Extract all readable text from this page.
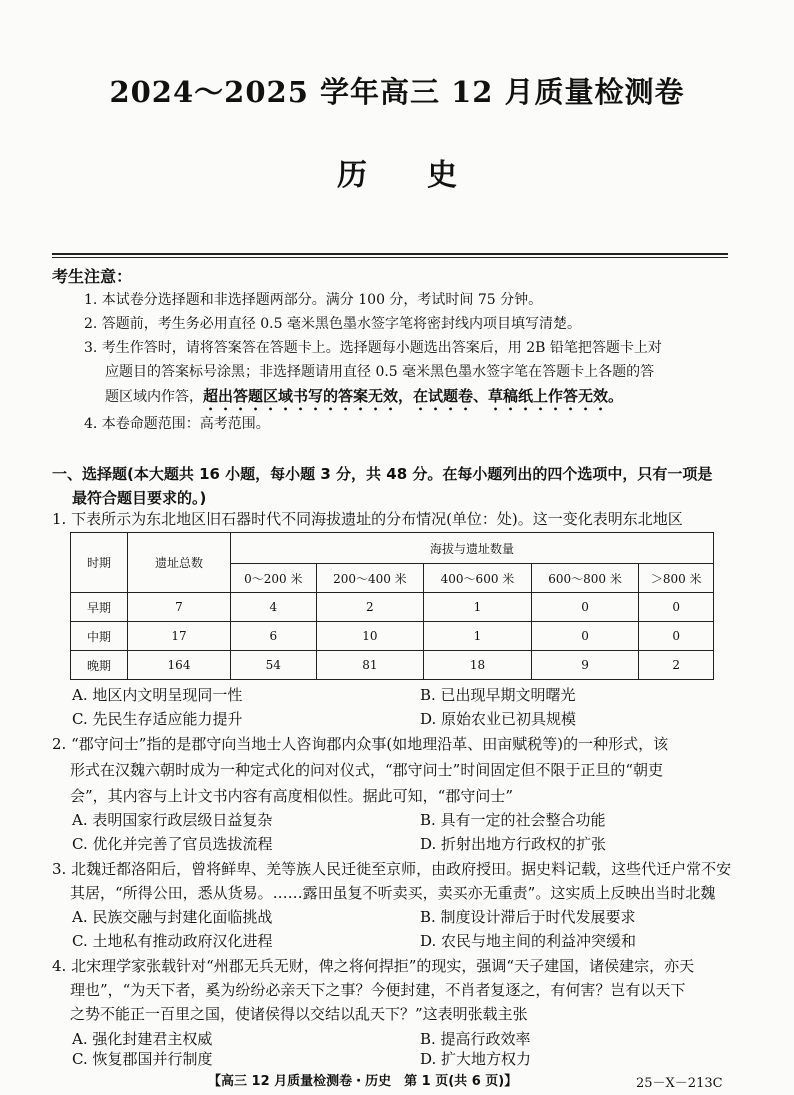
2024～2025 学年高三 12 月质量检测卷
历史
考生注意：
1. 本试卷分选择题和非选择题两部分。满分 100 分，考试时间 75 分钟。
2. 答题前，考生务必用直径 0.5 毫米黑色墨水签字笔将密封线内项目填写清楚。
3. 考生作答时，请将答案答在答题卡上。选择题每小题选出答案后，用 2B 铅笔把答题卡上对
应题目的答案标号涂黑；非选择题请用直径 0.5 毫米黑色墨水签字笔在答题卡上各题的答
题区域内作答，超出答题区域书写的答案无效，在试题卷、草稿纸上作答无效。
4. 本卷命题范围：高考范围。
一、选择题(本大题共 16 小题，每小题 3 分，共 48 分。在每小题列出的四个选项中，只有一项是
最符合题目要求的。)
1. 下表所示为东北地区旧石器时代不同海拔遗址的分布情况(单位：处)。这一变化表明东北地区
时期	遗址总数	海拔与遗址数量				
		0～200 米	200～400 米	400～600 米	600～800 米	＞800 米
早期	7	4	2	1	0	0
中期	17	6	10	1	0	0
晚期	164	54	81	18	9	2
A. 地区内文明呈现同一性	B. 已出现早期文明曙光
C. 先民生存适应能力提升	D. 原始农业已初具规模
2. “郡守问士”指的是郡守向当地士人咨询郡内众事(如地理沿革、田亩赋税等)的一种形式，该
形式在汉魏六朝时成为一种定式化的问对仪式，“郡守问士”时间固定但不限于正旦的“朝吏
会”，其内容与上计文书内容有高度相似性。据此可知，“郡守问士”
A. 表明国家行政层级日益复杂	B. 具有一定的社会整合功能
C. 优化并完善了官员选拔流程	D. 折射出地方行政权的扩张
3. 北魏迁都洛阳后，曾将鲜卑、羌等族人民迁徙至京师，由政府授田。据史料记载，这些代迁户常不安
其居，“所得公田，悉从货易。……露田虽复不听卖买，卖买亦无重责”。这实质上反映出当时北魏
A. 民族交融与封建化面临挑战	B. 制度设计滞后于时代发展要求
C. 土地私有推动政府汉化进程	D. 农民与地主间的利益冲突缓和
4. 北宋理学家张载针对“州郡无兵无财，俾之将何捍拒”的现实，强调“天子建国，诸侯建宗，亦天
理也”，“为天下者，奚为纷纷必亲天下之事？今便封建，不肖者复逐之，有何害？岂有以天下
之势不能正一百里之国，使诸侯得以交结以乱天下？”这表明张载主张
A. 强化封建君主权威	B. 提高行政效率
C. 恢复郡国并行制度	D. 扩大地方权力
【高三 12 月质量检测卷・历史　第 1 页(共 6 页)】	25－X－213C
